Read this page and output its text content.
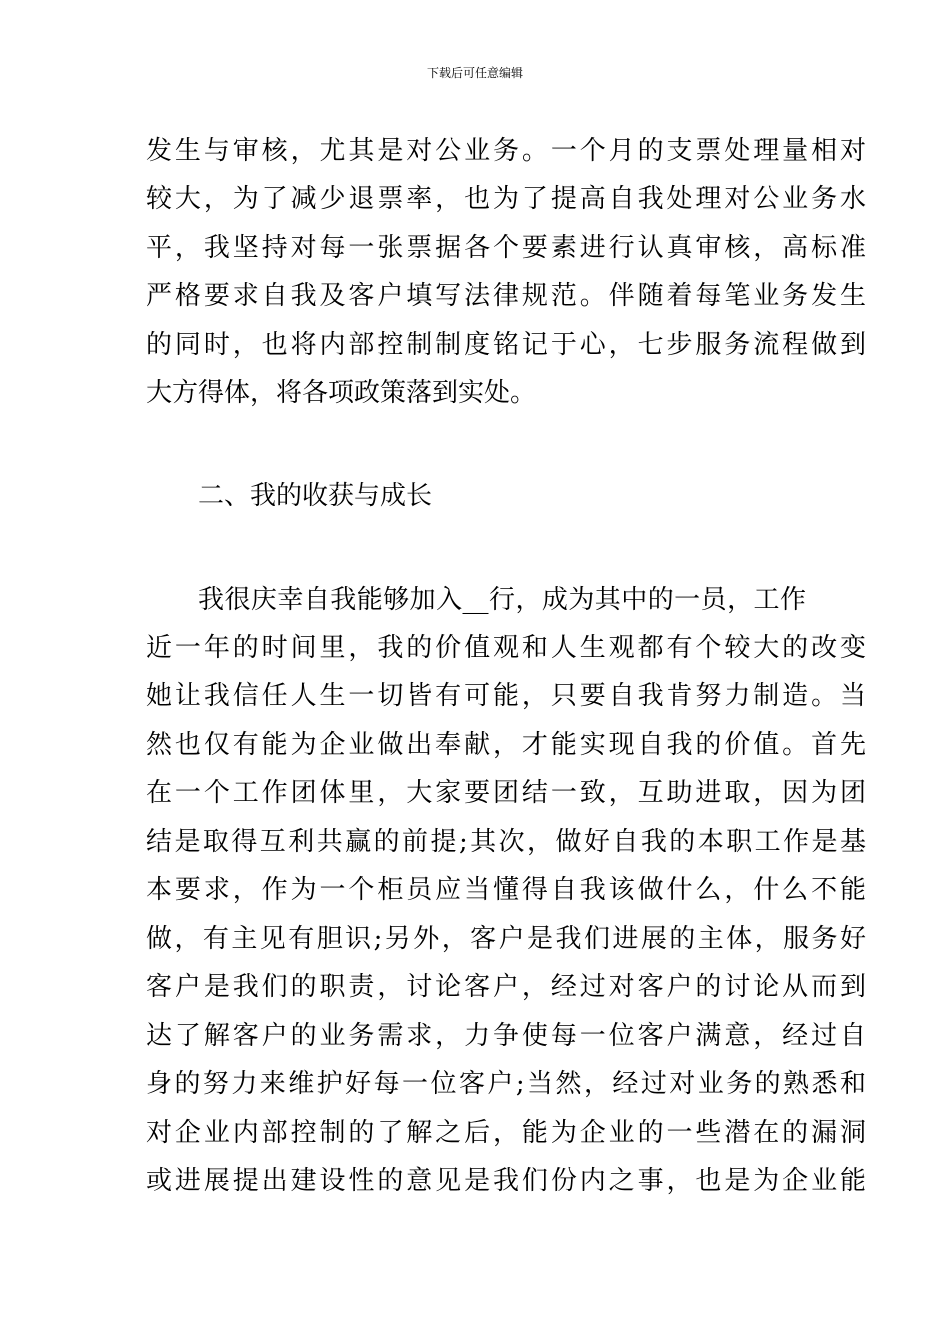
下载后可任意编辑
发生与审核，尤其是对公业务。一个月的支票处理量相对
较大，为了减少退票率，也为了提高自我处理对公业务水
平，我坚持对每一张票据各个要素进行认真审核，高标准
严格要求自我及客户填写法律规范。伴随着每笔业务发生
的同时，也将内部控制制度铭记于心，七步服务流程做到
大方得体，将各项政策落到实处。
二、我的收获与成长
我很庆幸自我能够加入__行，成为其中的一员，工作
近一年的时间里，我的价值观和人生观都有个较大的改变
她让我信任人生一切皆有可能，只要自我肯努力制造。当
然也仅有能为企业做出奉献，才能实现自我的价值。首先
在一个工作团体里，大家要团结一致，互助进取，因为团
结是取得互利共赢的前提;其次，做好自我的本职工作是基
本要求，作为一个柜员应当懂得自我该做什么，什么不能
做，有主见有胆识;另外，客户是我们进展的主体，服务好
客户是我们的职责，讨论客户，经过对客户的讨论从而到
达了解客户的业务需求，力争使每一位客户满意，经过自
身的努力来维护好每一位客户;当然，经过对业务的熟悉和
对企业内部控制的了解之后，能为企业的一些潜在的漏洞
或进展提出建设性的意见是我们份内之事，也是为企业能
